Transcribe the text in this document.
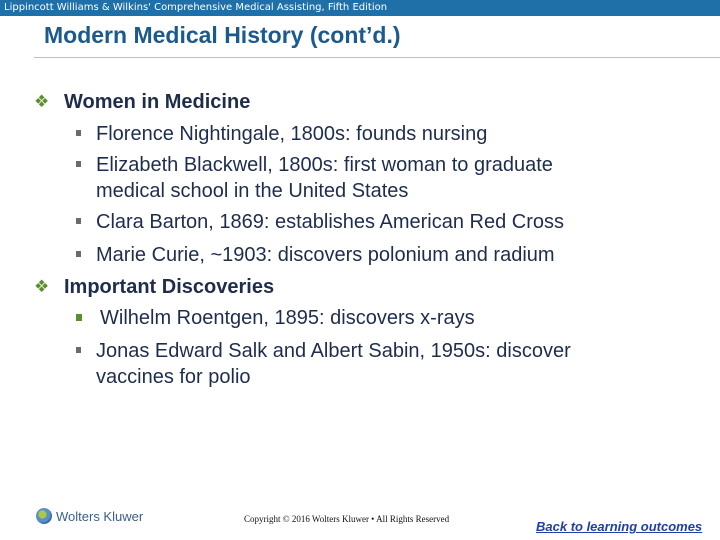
Lippincott Williams & Wilkins' Comprehensive Medical Assisting, Fifth Edition
Modern Medical History (cont’d.)
❖ Women in Medicine
Florence Nightingale, 1800s: founds nursing
Elizabeth Blackwell, 1800s: first woman to graduate
medical school in the United States
Clara Barton, 1869: establishes American Red Cross
Marie Curie, ~1903: discovers polonium and radium
❖ Important Discoveries
Wilhelm Roentgen, 1895: discovers x-rays
Jonas Edward Salk and Albert Sabin, 1950s: discover
vaccines for polio
Wolters Kluwer	Copyright © 2016 Wolters Kluwer • All Rights Reserved	Back to learning outcomes
